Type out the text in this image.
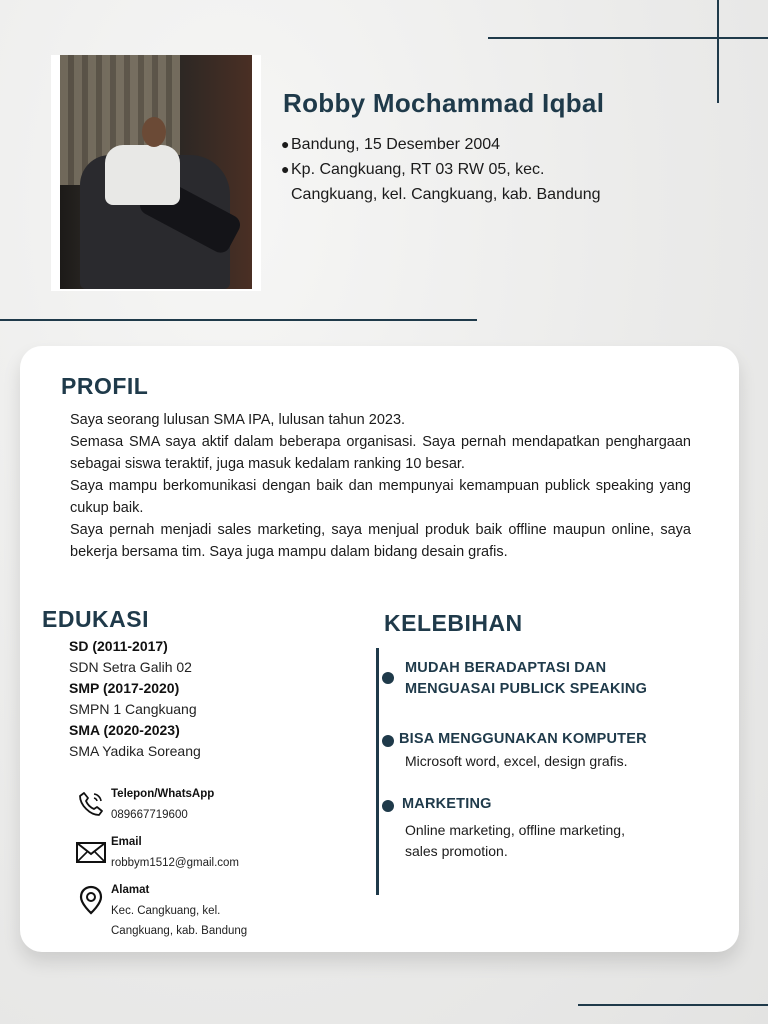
Robby Mochammad Iqbal
● Bandung, 15 Desember 2004
● Kp. Cangkuang, RT 03 RW 05, kec.
Cangkuang, kel. Cangkuang, kab. Bandung
PROFIL

Saya seorang lulusan SMA IPA, lulusan tahun 2023.

Semasa SMA saya aktif dalam beberapa organisasi. Saya pernah mendapatkan penghargaan sebagai siswa teraktif, juga masuk kedalam ranking 10 besar.

Saya mampu berkomunikasi dengan baik dan mempunyai kemampuan publick speaking yang cukup baik.

Saya pernah menjadi sales marketing, saya menjual produk baik offline maupun online, saya bekerja bersama tim. Saya juga mampu dalam bidang desain grafis.

EDUKASI
SD (2011-2017)
SDN Setra Galih 02
SMP (2017-2020)
SMPN 1 Cangkuang
SMA (2020-2023)
SMA Yadika Soreang
Telepon/WhatsApp
089667719600
Email
robbym1512@gmail.com
Alamat
Kec. Cangkuang, kel.
Cangkuang, kab. Bandung
KELEBIHAN
MUDAH BERADAPTASI DAN
MENGUASAI PUBLICK SPEAKING
BISA MENGGUNAKAN KOMPUTER
Microsoft word, excel, design grafis.
MARKETING
Online marketing, offline marketing,
sales promotion.
